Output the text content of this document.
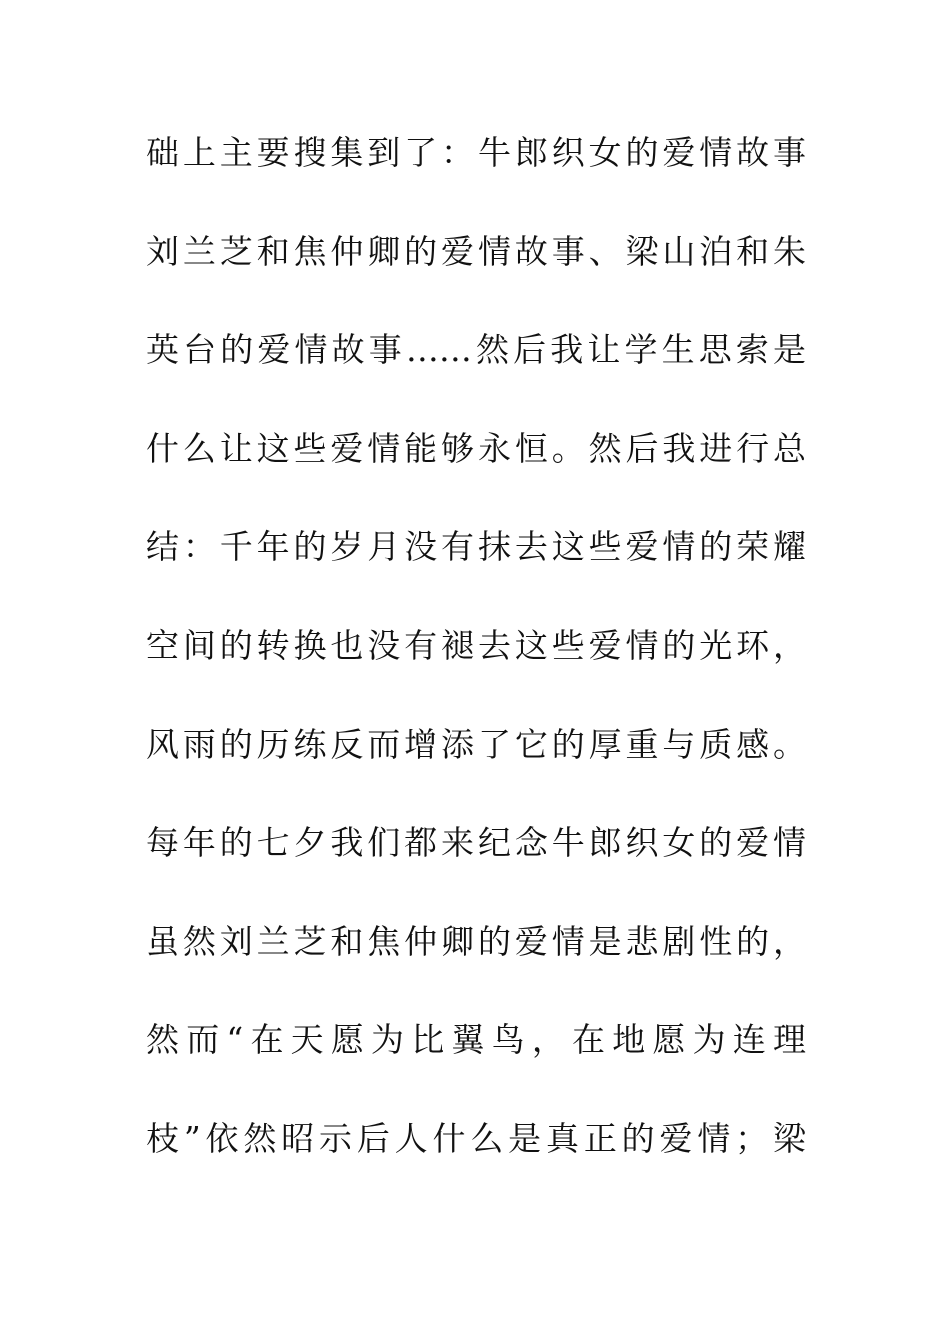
础上主要搜集到了：牛郎织女的爱情故事
刘兰芝和焦仲卿的爱情故事、梁山泊和朱
英台的爱情故事……然后我让学生思索是
什么让这些爱情能够永恒。然后我进行总
结：千年的岁月没有抹去这些爱情的荣耀
空间的转换也没有褪去这些爱情的光环，
风雨的历练反而增添了它的厚重与质感。
每年的七夕我们都来纪念牛郎织女的爱情
虽然刘兰芝和焦仲卿的爱情是悲剧性的，
然而“在天愿为比翼鸟，在地愿为连理
枝”依然昭示后人什么是真正的爱情；梁
